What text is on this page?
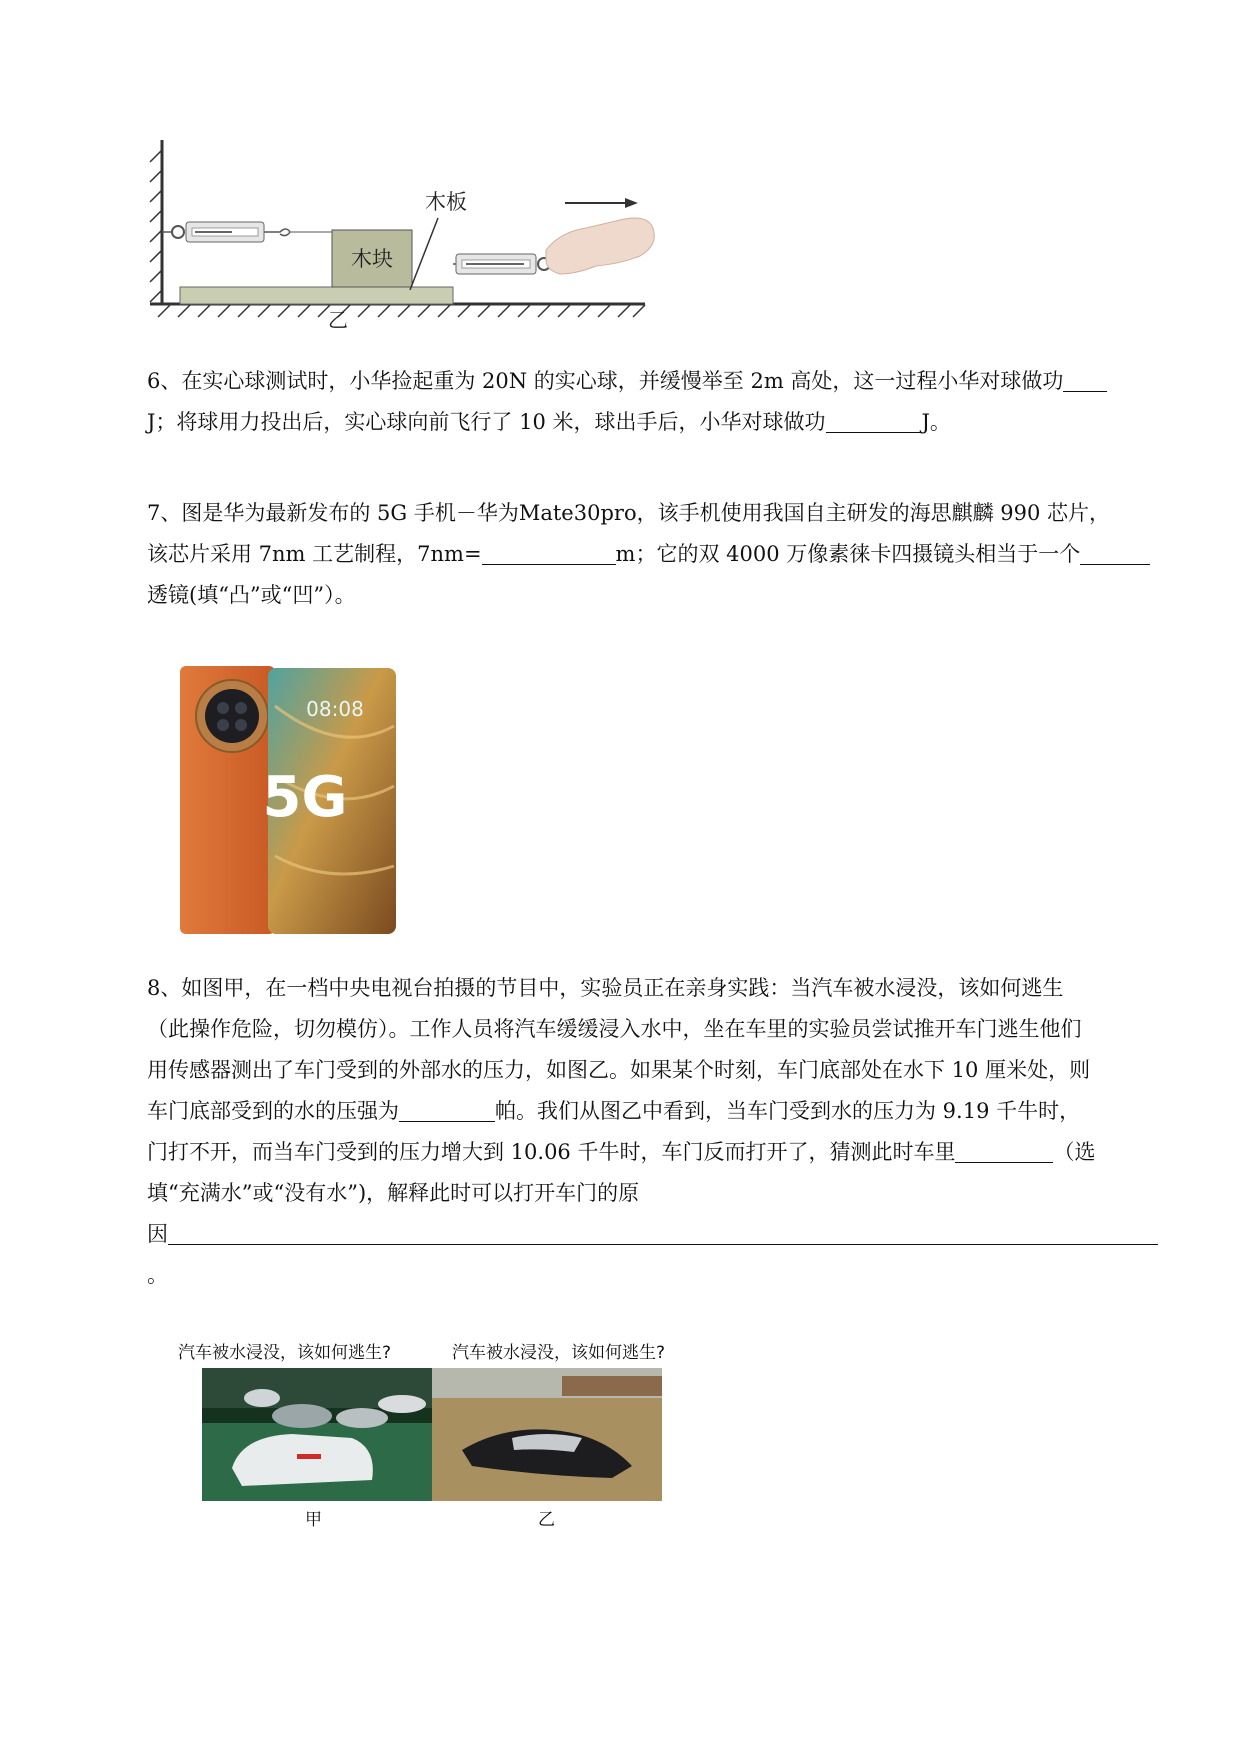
木块
木板
乙

6、在实心球测试时，小华捡起重为 20N 的实心球，并缓慢举至 2m 高处，这一过程小华对球做功

J；将球用力投出后，实心球向前飞行了 10 米，球出手后，小华对球做功	J。

7、图是华为最新发布的 5G 手机－华为Mate30pro，该手机使用我国自主研发的海思麒麟 990 芯片，

该芯片采用 7nm 工艺制程，7nm=	m；它的双 4000 万像素徕卡四摄镜头相当于一个

透镜(填“凸”或“凹”）。

08:08
5G

8、如图甲，在一档中央电视台拍摄的节目中，实验员正在亲身实践：当汽车被水浸没，该如何逃生

（此操作危险，切勿模仿）。工作人员将汽车缓缓浸入水中，坐在车里的实验员尝试推开车门逃生他们

用传感器测出了车门受到的外部水的压力，如图乙。如果某个时刻，车门底部处在水下 10 厘米处，则

车门底部受到的水的压强为	帕。我们从图乙中看到，当车门受到水的压力为 9.19 千牛时，

门打不开，而当车门受到的压力增大到 10.06 千牛时，车门反而打开了，猜测此时车里	（选

填“充满水”或“没有水”)，解释此时可以打开车门的原

因

。

汽车被水浸没，该如何逃生?	汽车被水浸没，该如何逃生?
甲	乙
